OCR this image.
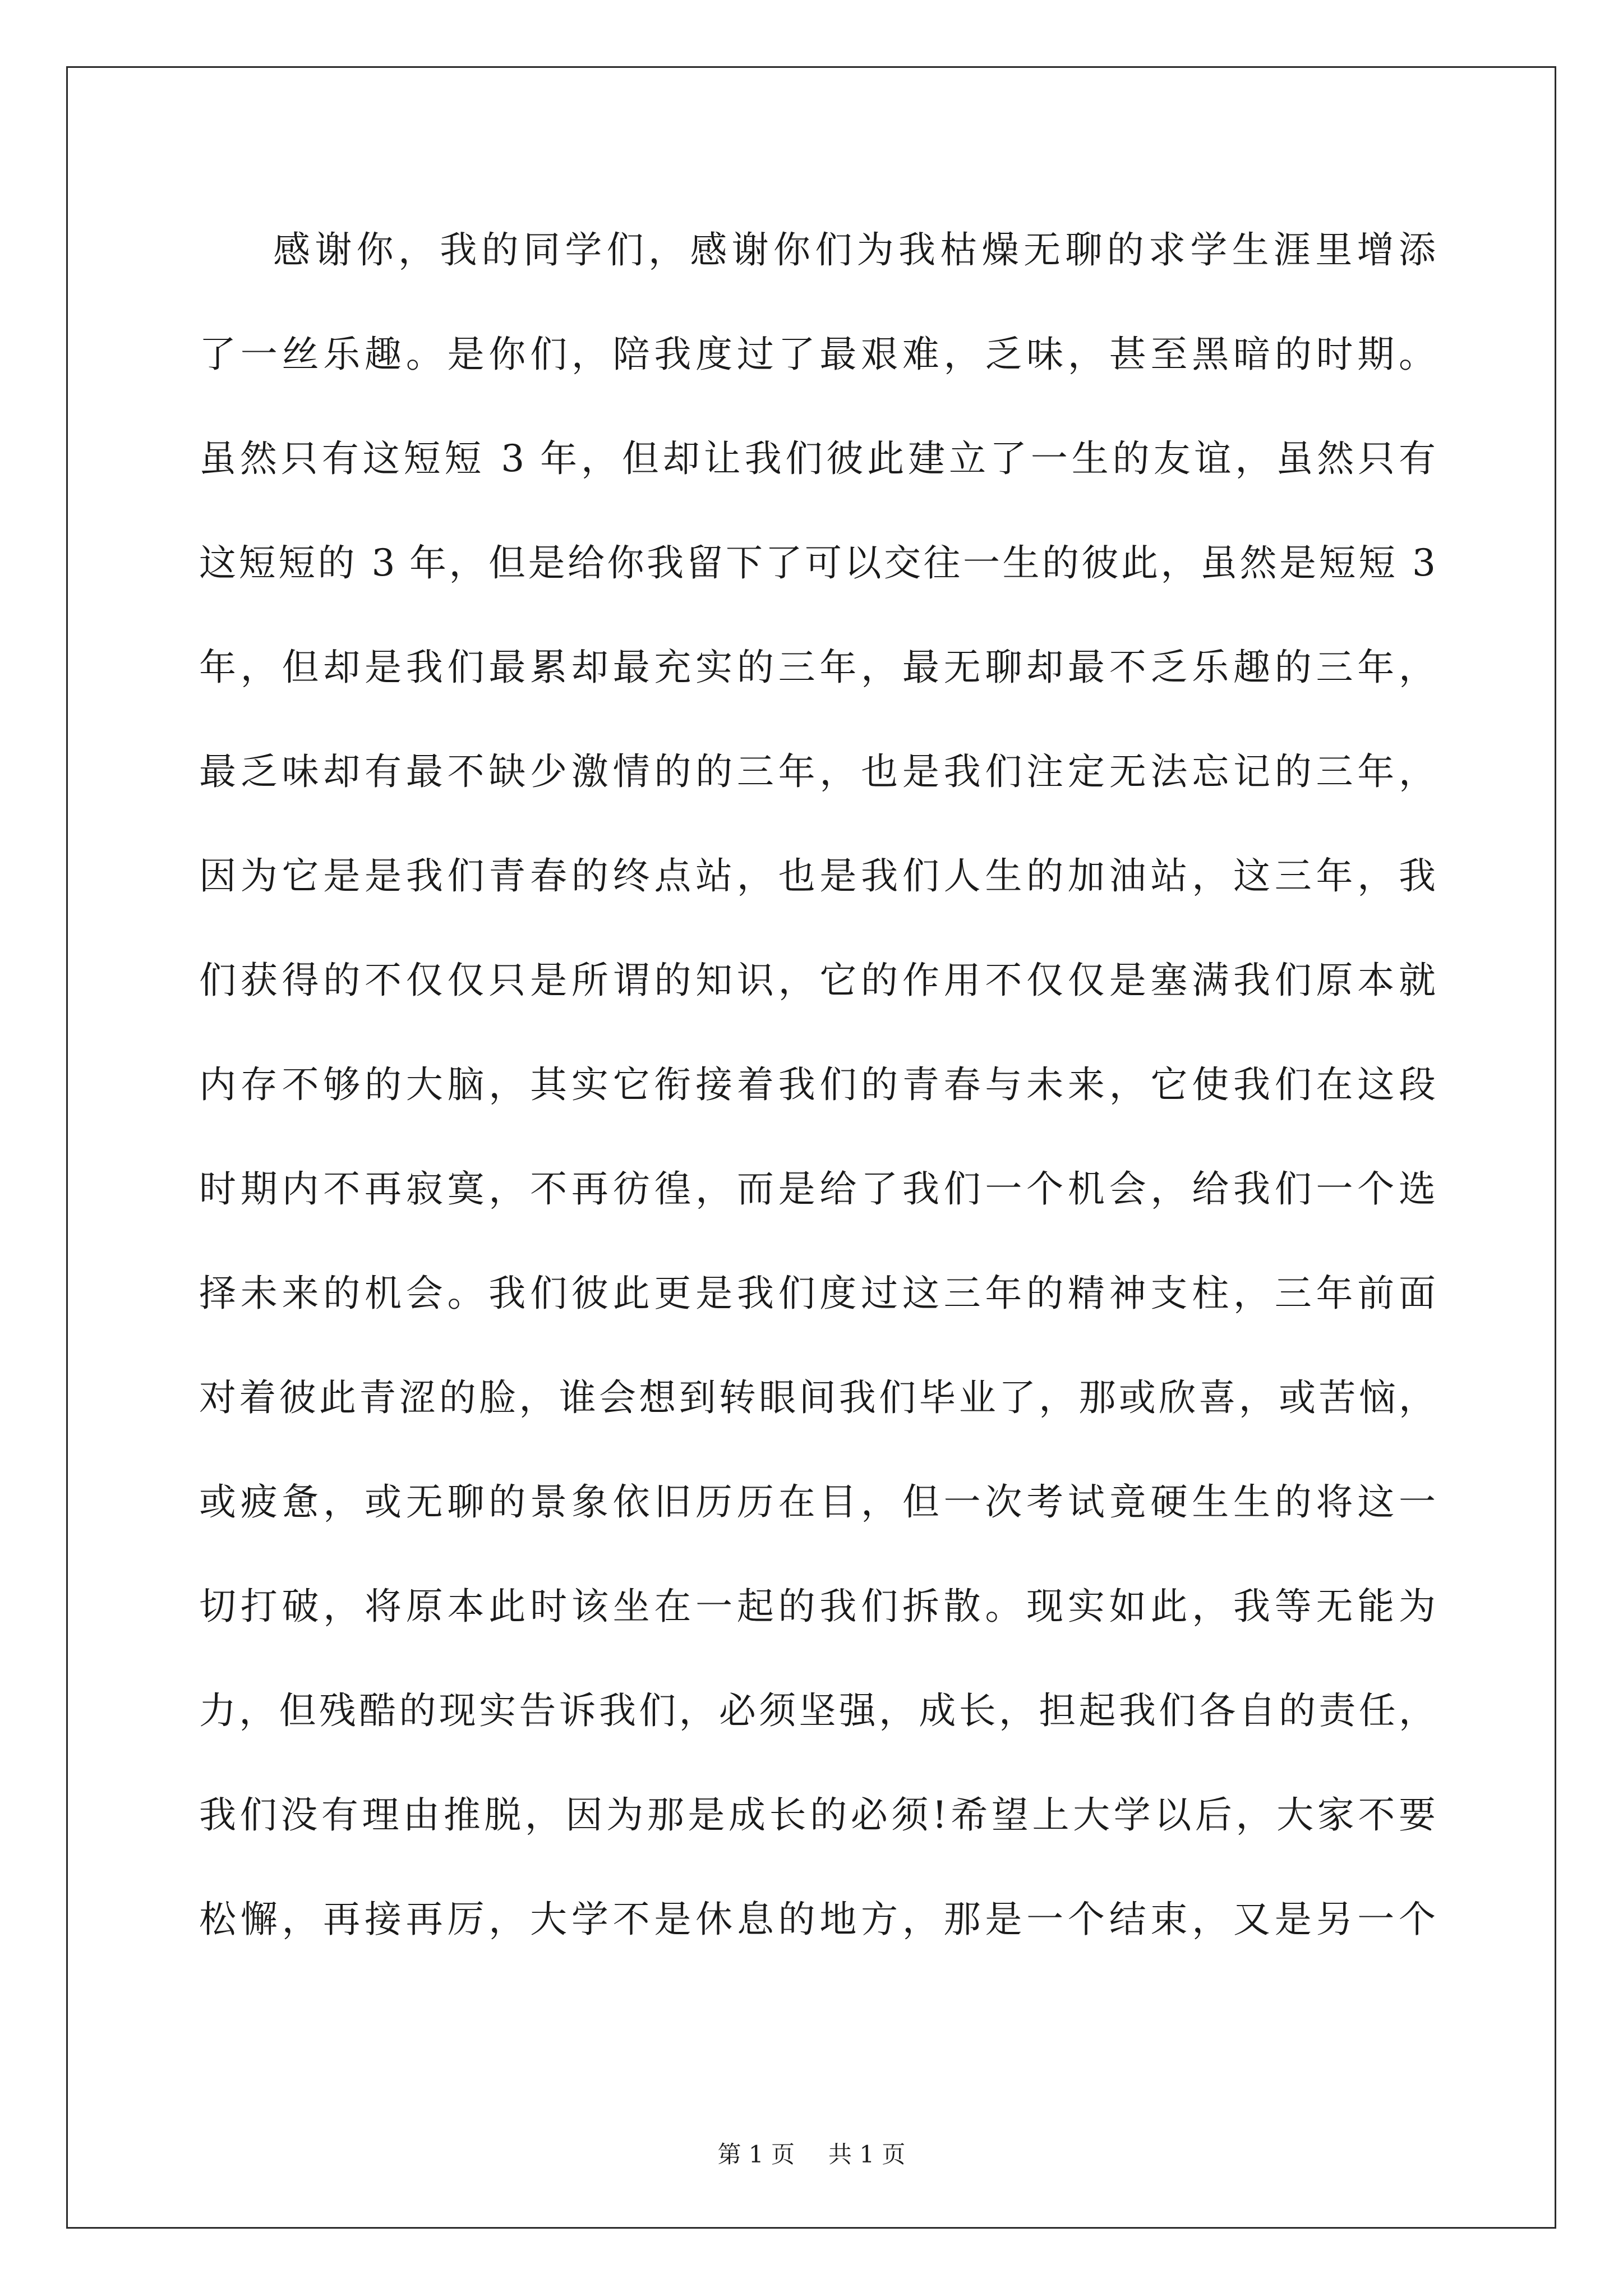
感谢你，我的同学们，感谢你们为我枯燥无聊的求学生涯里增添
了一丝乐趣。是你们，陪我度过了最艰难，乏味，甚至黑暗的时期。
虽然只有这短短 3 年，但却让我们彼此建立了一生的友谊，虽然只有
这短短的 3 年，但是给你我留下了可以交往一生的彼此，虽然是短短 3
年，但却是我们最累却最充实的三年，最无聊却最不乏乐趣的三年，
最乏味却有最不缺少激情的的三年，也是我们注定无法忘记的三年，
因为它是是我们青春的终点站，也是我们人生的加油站，这三年，我
们获得的不仅仅只是所谓的知识，它的作用不仅仅是塞满我们原本就
内存不够的大脑，其实它衔接着我们的青春与未来，它使我们在这段
时期内不再寂寞，不再彷徨，而是给了我们一个机会，给我们一个选
择未来的机会。我们彼此更是我们度过这三年的精神支柱，三年前面
对着彼此青涩的脸，谁会想到转眼间我们毕业了，那或欣喜，或苦恼，
或疲惫，或无聊的景象依旧历历在目，但一次考试竟硬生生的将这一
切打破，将原本此时该坐在一起的我们拆散。现实如此，我等无能为
力，但残酷的现实告诉我们，必须坚强，成长，担起我们各自的责任，
我们没有理由推脱，因为那是成长的必须!希望上大学以后，大家不要
松懈，再接再厉，大学不是休息的地方，那是一个结束，又是另一个
第 1 页 共 1 页
